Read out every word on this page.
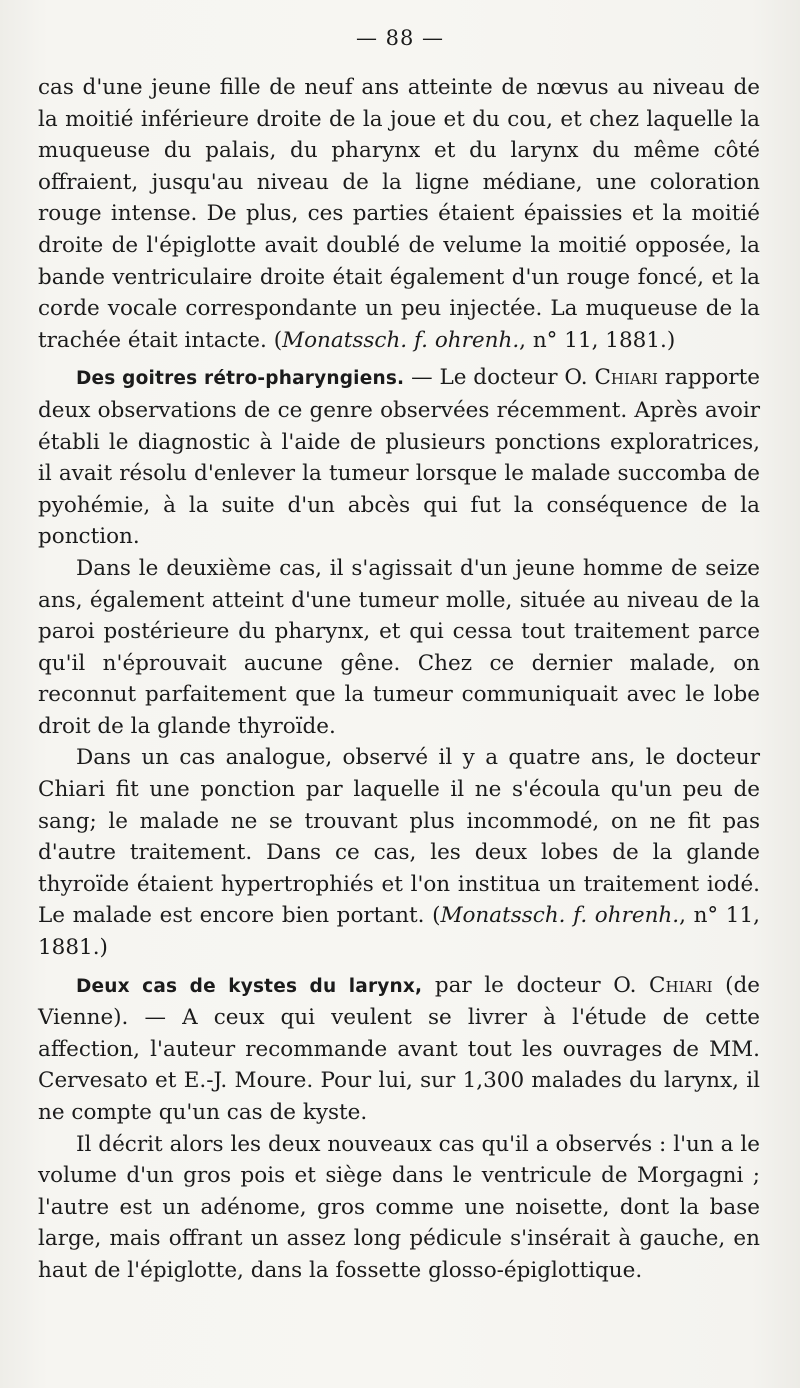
— 88 —

cas d'une jeune fille de neuf ans atteinte de nœvus au niveau de la moitié inférieure droite de la joue et du cou, et chez laquelle la muqueuse du palais, du pharynx et du larynx du même côté offraient, jusqu'au niveau de la ligne médiane, une coloration rouge intense. De plus, ces parties étaient épaissies et la moitié droite de l'épiglotte avait doublé de velume la moitié opposée, la bande ventriculaire droite était également d'un rouge foncé, et la corde vocale correspondante un peu injectée. La muqueuse de la trachée était intacte. (Monatssch. f. ohrenh., n° 11, 1881.)

Des goitres rétro-pharyngiens. — Le docteur O. Chiari rapporte deux observations de ce genre observées récemment. Après avoir établi le diagnostic à l'aide de plusieurs ponctions exploratrices, il avait résolu d'enlever la tumeur lorsque le malade succomba de pyohémie, à la suite d'un abcès qui fut la conséquence de la ponction.

Dans le deuxième cas, il s'agissait d'un jeune homme de seize ans, également atteint d'une tumeur molle, située au niveau de la paroi postérieure du pharynx, et qui cessa tout traitement parce qu'il n'éprouvait aucune gêne. Chez ce dernier malade, on reconnut parfaitement que la tumeur communiquait avec le lobe droit de la glande thyroïde.

Dans un cas analogue, observé il y a quatre ans, le docteur Chiari fit une ponction par laquelle il ne s'écoula qu'un peu de sang; le malade ne se trouvant plus incommodé, on ne fit pas d'autre traitement. Dans ce cas, les deux lobes de la glande thyroïde étaient hypertrophiés et l'on institua un traitement iodé. Le malade est encore bien portant. (Monatssch. f. ohrenh., n° 11, 1881.)

Deux cas de kystes du larynx, par le docteur O. Chiari (de Vienne). — A ceux qui veulent se livrer à l'étude de cette affection, l'auteur recommande avant tout les ouvrages de MM. Cervesato et E.-J. Moure. Pour lui, sur 1,300 malades du larynx, il ne compte qu'un cas de kyste.

Il décrit alors les deux nouveaux cas qu'il a observés : l'un a le volume d'un gros pois et siège dans le ventricule de Morgagni ; l'autre est un adénome, gros comme une noisette, dont la base large, mais offrant un assez long pédicule s'insérait à gauche, en haut de l'épiglotte, dans la fossette glosso-épiglottique.
